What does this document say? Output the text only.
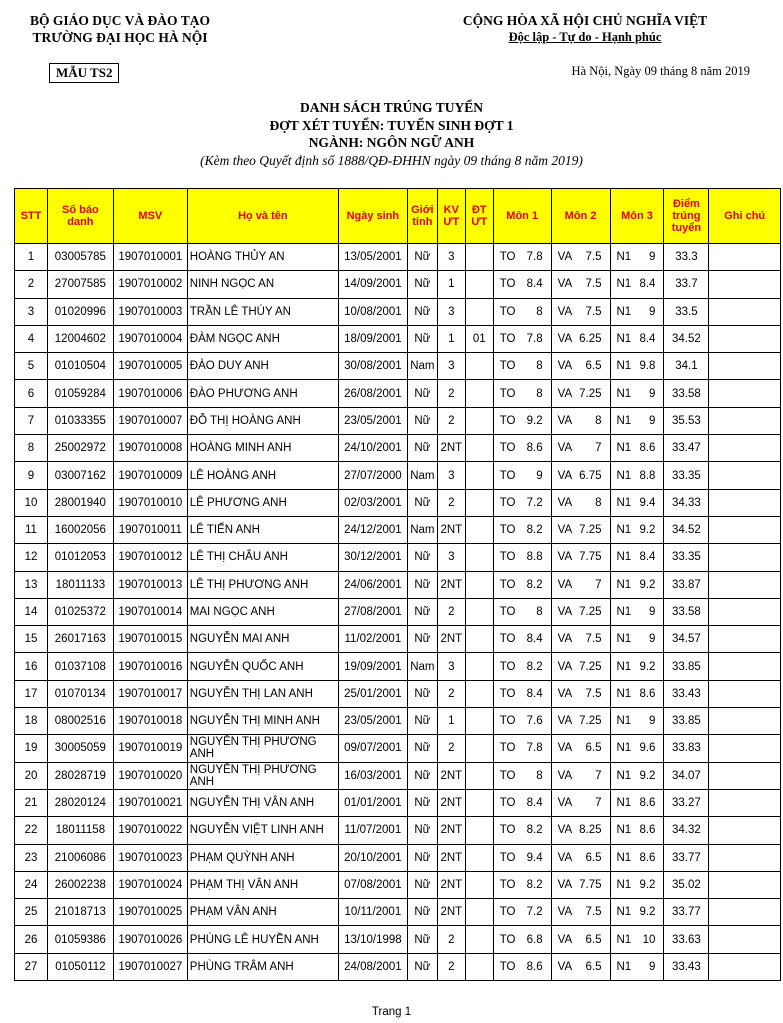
BỘ GIÁO DỤC VÀ ĐÀO TẠO
TRƯỜNG ĐẠI HỌC HÀ NỘI
CỘNG HÒA XÃ HỘI CHỦ NGHĨA VIỆT
Độc lập - Tự do - Hạnh phúc
MẪU TS2	Hà Nội, Ngày 09 tháng 8 năm 2019
DANH SÁCH TRÚNG TUYỂN
ĐỢT XÉT TUYỂN: TUYỂN SINH ĐỢT 1
NGÀNH: NGÔN NGỮ ANH
(Kèm theo Quyết định số 1888/QĐ-ĐHHN ngày 09 tháng 8 năm 2019)
STT	Số báo danh	MSV	Họ và tên	Ngày sinh	Giới tính	KV ƯT	ĐT ƯT	Môn 1		Môn 2		Môn 3		Điểm trúng tuyển	Ghi chú
1	03005785	1907010001	HOÀNG THỦY AN	13/05/2001	Nữ	3		TO	7.8	VA	7.5	N1	9	33.3	
2	27007585	1907010002	NINH NGỌC AN	14/09/2001	Nữ	1		TO	8.4	VA	7.5	N1	8.4	33.7	
3	01020996	1907010003	TRẦN LÊ THÚY AN	10/08/2001	Nữ	3		TO	8	VA	7.5	N1	9	33.5	
4	12004602	1907010004	ĐÀM NGỌC ANH	18/09/2001	Nữ	1	01	TO	7.8	VA	6.25	N1	8.4	34.52	
5	01010504	1907010005	ĐÀO DUY ANH	30/08/2001	Nam	3		TO	8	VA	6.5	N1	9.8	34.1	
6	01059284	1907010006	ĐÀO PHƯƠNG ANH	26/08/2001	Nữ	2		TO	8	VA	7.25	N1	9	33.58	
7	01033355	1907010007	ĐỖ THỊ HOÀNG ANH	23/05/2001	Nữ	2		TO	9.2	VA	8	N1	9	35.53	
8	25002972	1907010008	HOÀNG MINH ANH	24/10/2001	Nữ	2NT		TO	8.6	VA	7	N1	8.6	33.47	
9	03007162	1907010009	LÊ HOÀNG ANH	27/07/2000	Nam	3		TO	9	VA	6.75	N1	8.8	33.35	
10	28001940	1907010010	LÊ PHƯƠNG ANH	02/03/2001	Nữ	2		TO	7.2	VA	8	N1	9.4	34.33	
11	16002056	1907010011	LÊ TIẾN ANH	24/12/2001	Nam	2NT		TO	8.2	VA	7.25	N1	9.2	34.52	
12	01012053	1907010012	LÊ THỊ CHÂU ANH	30/12/2001	Nữ	3		TO	8.8	VA	7.75	N1	8.4	33.35	
13	18011133	1907010013	LÊ THỊ PHƯƠNG ANH	24/06/2001	Nữ	2NT		TO	8.2	VA	7	N1	9.2	33.87	
14	01025372	1907010014	MAI NGỌC ANH	27/08/2001	Nữ	2		TO	8	VA	7.25	N1	9	33.58	
15	26017163	1907010015	NGUYỄN MAI ANH	11/02/2001	Nữ	2NT		TO	8.4	VA	7.5	N1	9	34.57	
16	01037108	1907010016	NGUYỄN QUỐC ANH	19/09/2001	Nam	3		TO	8.2	VA	7.25	N1	9.2	33.85	
17	01070134	1907010017	NGUYỄN THỊ LAN ANH	25/01/2001	Nữ	2		TO	8.4	VA	7.5	N1	8.6	33.43	
18	08002516	1907010018	NGUYỄN THỊ MINH ANH	23/05/2001	Nữ	1		TO	7.6	VA	7.25	N1	9	33.85	
19	30005059	1907010019	NGUYỄN THỊ PHƯƠNG ANH	09/07/2001	Nữ	2		TO	7.8	VA	6.5	N1	9.6	33.83	
20	28028719	1907010020	NGUYỄN THỊ PHƯƠNG ANH	16/03/2001	Nữ	2NT		TO	8	VA	7	N1	9.2	34.07	
21	28020124	1907010021	NGUYỄN THỊ VÂN ANH	01/01/2001	Nữ	2NT		TO	8.4	VA	7	N1	8.6	33.27	
22	18011158	1907010022	NGUYỄN VIỆT LINH ANH	11/07/2001	Nữ	2NT		TO	8.2	VA	8.25	N1	8.6	34.32	
23	21006086	1907010023	PHẠM QUỲNH ANH	20/10/2001	Nữ	2NT		TO	9.4	VA	6.5	N1	8.6	33.77	
24	26002238	1907010024	PHẠM THỊ VÂN ANH	07/08/2001	Nữ	2NT		TO	8.2	VA	7.75	N1	9.2	35.02	
25	21018713	1907010025	PHẠM VÂN ANH	10/11/2001	Nữ	2NT		TO	7.2	VA	7.5	N1	9.2	33.77	
26	01059386	1907010026	PHÙNG LÊ HUYỀN ANH	13/10/1998	Nữ	2		TO	6.8	VA	6.5	N1	10	33.63	
27	01050112	1907010027	PHÙNG TRÂM ANH	24/08/2001	Nữ	2		TO	8.6	VA	6.5	N1	9	33.43	
Trang 1
